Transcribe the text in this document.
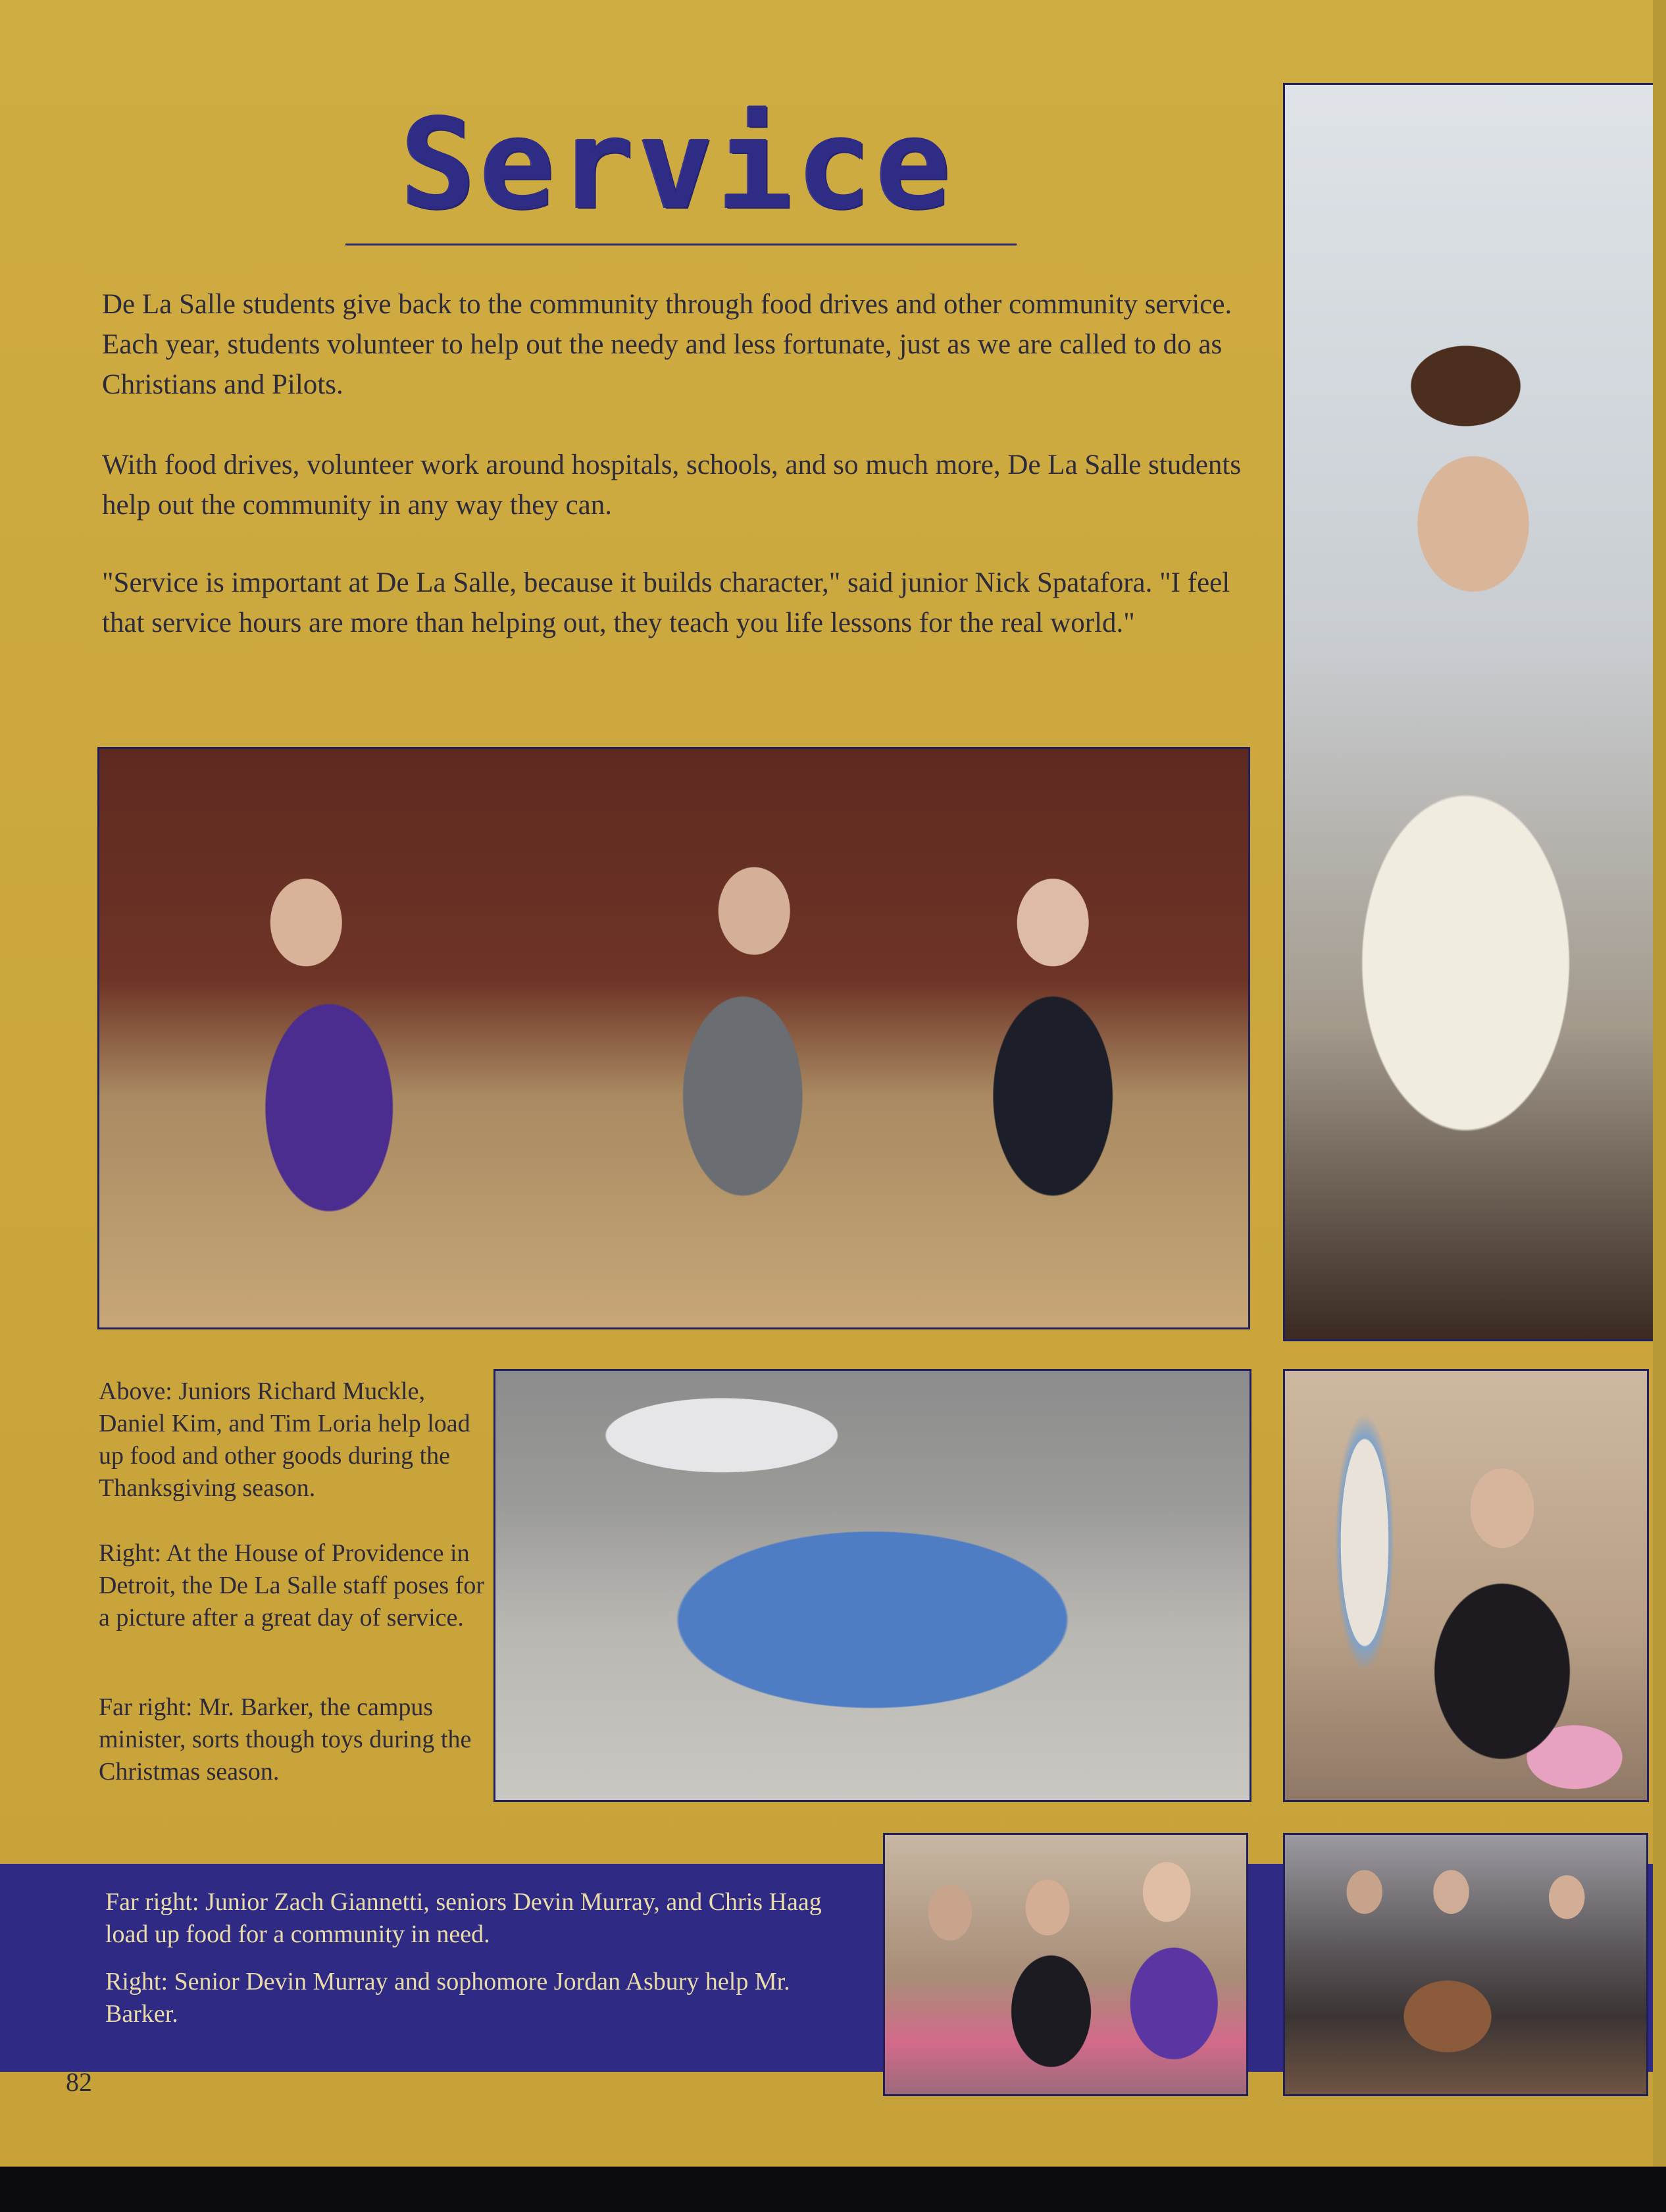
Service

De La Salle students give back to the community through food drives and other community service. Each year, students volunteer to help out the needy and less fortunate, just as we are called to do as Christians and Pilots.

With food drives, volunteer work around hospitals, schools, and so much more, De La Salle students help out the community in any way they can.

"Service is important at De La Salle, because it builds character," said junior Nick Spatafora. "I feel that service hours are more than helping out, they teach you life lessons for the real world."

Above: Juniors Richard Muckle, Daniel Kim, and Tim Loria help load up food and other goods during the Thanksgiving season.

Right: At the House of Providence in Detroit, the De La Salle staff poses for a picture after a great day of service.

Far right: Mr. Barker, the campus minister, sorts though toys during the Christmas season.

Far right: Junior Zach Giannetti, seniors Devin Murray, and Chris Haag load up food for a community in need.

Right: Senior Devin Murray and sophomore Jordan Asbury help Mr. Barker.

82
